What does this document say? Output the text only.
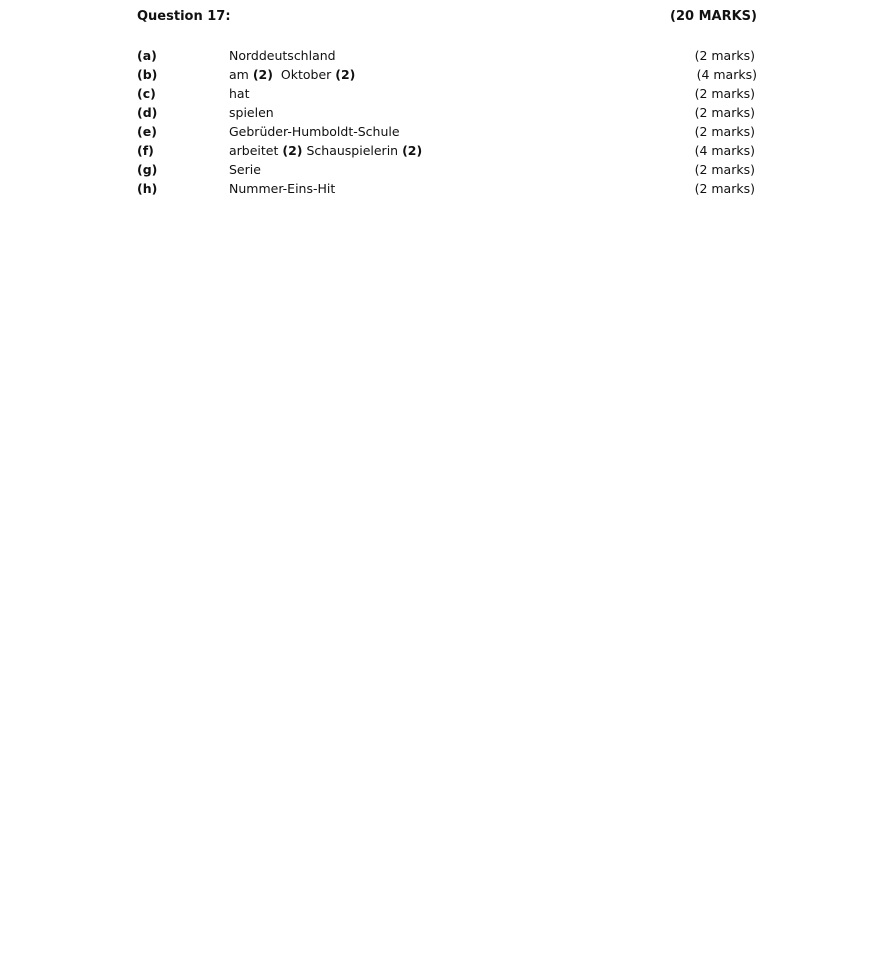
Question 17:	(20 MARKS)
(a)	Norddeutschland	(2 marks)
(b)	am (2)  Oktober (2)	(4 marks)
(c)	hat	(2 marks)
(d)	spielen	(2 marks)
(e)	Gebrüder-Humboldt-Schule	(2 marks)
(f)	arbeitet (2) Schauspielerin (2)	(4 marks)
(g)	Serie	(2 marks)
(h)	Nummer-Eins-Hit	(2 marks)
